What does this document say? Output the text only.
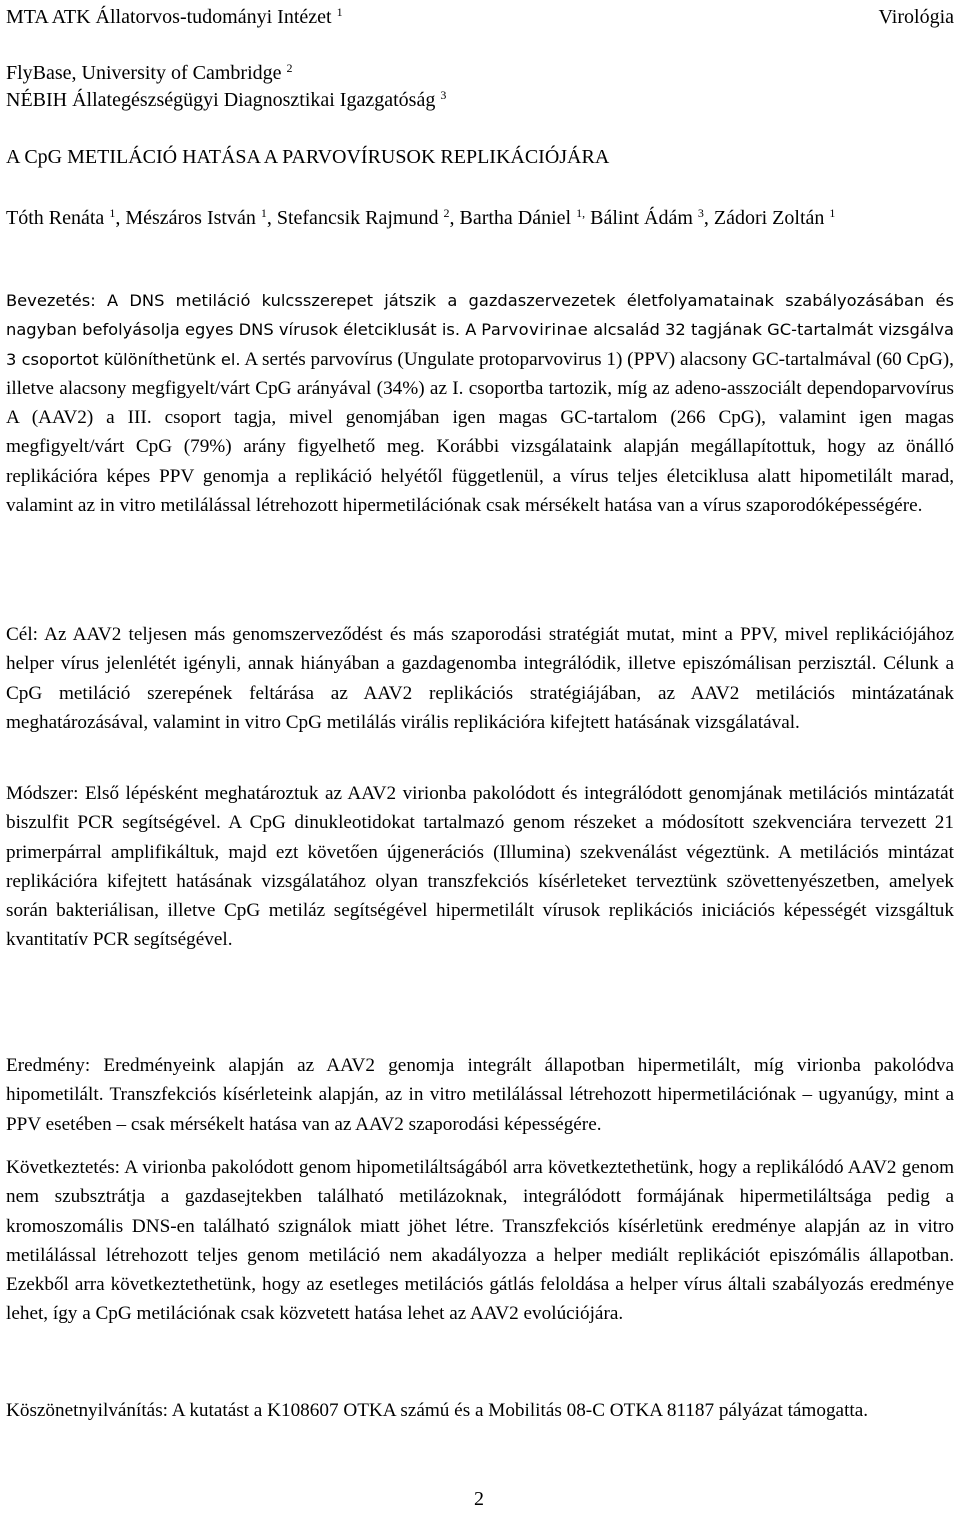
MTA ATK Állatorvos-tudományi Intézet $^1$	Virológia
FlyBase, University of Cambridge $^2$
NÉBIH Állategészségügyi Diagnosztikai Igazgatóság $^3$
A CpG METILÁCIÓ HATÁSA A PARVOVÍRUSOK REPLIKÁCIÓJÁRA
Tóth Renáta $^1$, Mészáros István $^1$, Stefancsik Rajmund $^2$, Bartha Dániel $^{1,}$ Bálint Ádám $^3$, Zádori Zoltán $^1$

Bevezetés: A DNS metiláció kulcsszerepet játszik a gazdaszervezetek életfolyamatainak szabályozásában és nagyban befolyásolja egyes DNS vírusok életciklusát is. A Parvovirinae alcsalád 32 tagjának GC-tartalmát vizsgálva 3 csoportot különíthetünk el. A sertés parvovírus (Ungulate protoparvovirus 1) (PPV) alacsony GC-tartalmával (60 CpG), illetve alacsony megfigyelt/várt CpG arányával (34%) az I. csoportba tartozik, míg az adeno-asszociált dependoparvovírus A (AAV2) a III. csoport tagja, mivel genomjában igen magas GC-tartalom (266 CpG), valamint igen magas megfigyelt/várt CpG (79%) arány figyelhető meg. Korábbi vizsgálataink alapján megállapítottuk, hogy az önálló replikációra képes PPV genomja a replikáció helyétől függetlenül, a vírus teljes életciklusa alatt hipometilált marad, valamint az in vitro metilálással létrehozott hipermetilációnak csak mérsékelt hatása van a vírus szaporodóképességére.

Cél: Az AAV2 teljesen más genomszerveződést és más szaporodási stratégiát mutat, mint a PPV, mivel replikációjához helper vírus jelenlétét igényli, annak hiányában a gazdagenomba integrálódik, illetve episzómálisan perzisztál. Célunk a CpG metiláció szerepének feltárása az AAV2 replikációs stratégiájában, az AAV2 metilációs mintázatának meghatározásával, valamint in vitro CpG metilálás virális replikációra kifejtett hatásának vizsgálatával.

Módszer: Első lépésként meghatároztuk az AAV2 virionba pakolódott és integrálódott genomjának metilációs mintázatát biszulfit PCR segítségével. A CpG dinukleotidokat tartalmazó genom részeket a módosított szekvenciára tervezett 21 primerpárral amplifikáltuk, majd ezt követően újgenerációs (Illumina) szekvenálást végeztünk. A metilációs mintázat replikációra kifejtett hatásának vizsgálatához olyan transzfekciós kísérleteket terveztünk szövettenyészetben, amelyek során bakteriálisan, illetve CpG metiláz segítségével hipermetilált vírusok replikációs iniciációs képességét vizsgáltuk kvantitatív PCR segítségével.

Eredmény: Eredményeink alapján az AAV2 genomja integrált állapotban hipermetilált, míg virionba pakolódva hipometilált. Transzfekciós kísérleteink alapján, az in vitro metilálással létrehozott hipermetilációnak – ugyanúgy, mint a PPV esetében – csak mérsékelt hatása van az AAV2 szaporodási képességére.

Következtetés: A virionba pakolódott genom hipometiláltságából arra következtethetünk, hogy a replikálódó AAV2 genom nem szubsztrátja a gazdasejtekben található metilázoknak, integrálódott formájának hipermetiláltsága pedig a kromoszomális DNS-en található szignálok miatt jöhet létre. Transzfekciós kísérletünk eredménye alapján az in vitro metilálással létrehozott teljes genom metiláció nem akadályozza a helper mediált replikációt episzómális állapotban. Ezekből arra következtethetünk, hogy az esetleges metilációs gátlás feloldása a helper vírus általi szabályozás eredménye lehet, így a CpG metilációnak csak közvetett hatása lehet az AAV2 evolúciójára.

Köszönetnyilvánítás: A kutatást a K108607 OTKA számú és a Mobilitás 08-C OTKA 81187 pályázat támogatta.

2
